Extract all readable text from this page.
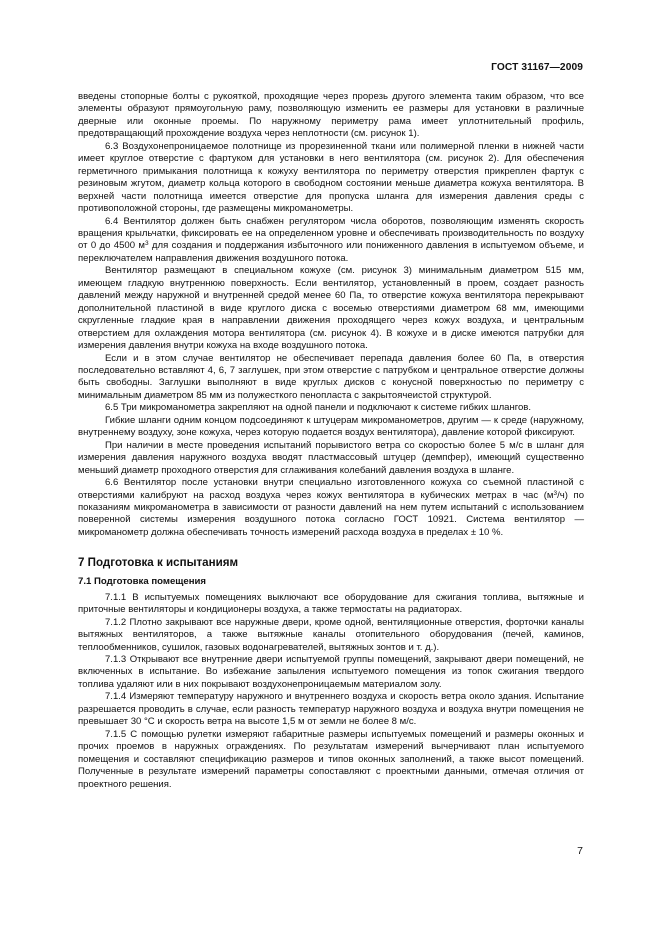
ГОСТ 31167—2009

введены стопорные болты с рукояткой, проходящие через прорезь другого элемента таким образом, что все элементы образуют прямоугольную раму, позволяющую изменить ее размеры для установки в различные дверные или оконные проемы. По наружному периметру рама имеет уплотнительный профиль, предотвращающий прохождение воздуха через неплотности (см. рисунок 1).

6.3 Воздухонепроницаемое полотнище из прорезиненной ткани или полимерной пленки в нижней части имеет круглое отверстие с фартуком для установки в него вентилятора (см. рисунок 2). Для обеспечения герметичного примыкания полотнища к кожуху вентилятора по периметру отверстия прикреплен фартук с резиновым жгутом, диаметр кольца которого в свободном состоянии меньше диаметра кожуха вентилятора. В верхней части полотнища имеется отверстие для пропуска шланга для измерения давления среды с противоположной стороны, где размещены микроманометры.

6.4 Вентилятор должен быть снабжен регулятором числа оборотов, позволяющим изменять скорость вращения крыльчатки, фиксировать ее на определенном уровне и обеспечивать производительность по воздуху от 0 до 4500 $м^3$ для создания и поддержания избыточного или пониженного давления в испытуемом объеме, и переключателем направления движения воздушного потока.

Вентилятор размещают в специальном кожухе (см. рисунок 3) минимальным диаметром 515 мм, имеющем гладкую внутреннюю поверхность. Если вентилятор, установленный в проем, создает разность давлений между наружной и внутренней средой менее 60 Па, то отверстие кожуха вентилятора перекрывают дополнительной пластиной в виде круглого диска с восемью отверстиями диаметром 68 мм, имеющими скругленные гладкие края в направлении движения проходящего через кожух воздуха, и центральным отверстием для охлаждения мотора вентилятора (см. рисунок 4). В кожухе и в диске имеются патрубки для измерения давления внутри кожуха на входе воздушного потока.

Если и в этом случае вентилятор не обеспечивает перепада давления более 60 Па, в отверстия последовательно вставляют 4, 6, 7 заглушек, при этом отверстие с патрубком и центральное отверстие должны быть свободны. Заглушки выполняют в виде круглых дисков с конусной поверхностью по периметру с минимальным диаметром 85 мм из полужесткого пенопласта с закрытоячеистой структурой.

6.5 Три микроманометра закрепляют на одной панели и подключают к системе гибких шлангов.

Гибкие шланги одним концом подсоединяют к штуцерам микроманометров, другим — к среде (наружному, внутреннему воздуху, зоне кожуха, через которую подается воздух вентилятора), давление которой фиксируют.

При наличии в месте проведения испытаний порывистого ветра со скоростью более 5 м/с в шланг для измерения давления наружного воздуха вводят пластмассовый штуцер (демпфер), имеющий существенно меньший диаметр проходного отверстия для сглаживания колебаний давления воздуха в шланге.

6.6 Вентилятор после установки внутри специально изготовленного кожуха со съемной пластиной с отверстиями калибруют на расход воздуха через кожух вентилятора в кубических метрах в час $(м^3/ч)$ по показаниям микроманометра в зависимости от разности давлений на нем путем испытаний с использованием поверенной системы измерения воздушного потока согласно ГОСТ 10921. Система вентилятор — микроманометр должна обеспечивать точность измерений расхода воздуха в пределах ± 10 %.

7 Подготовка к испытаниям
7.1 Подготовка помещения

7.1.1 В испытуемых помещениях выключают все оборудование для сжигания топлива, вытяжные и приточные вентиляторы и кондиционеры воздуха, а также термостаты на радиаторах.

7.1.2 Плотно закрывают все наружные двери, кроме одной, вентиляционные отверстия, форточки каналы вытяжных вентиляторов, а также вытяжные каналы отопительного оборудования (печей, каминов, теплообменников, сушилок, газовых водонагревателей, вытяжных зонтов и т. д.).

7.1.3 Открывают все внутренние двери испытуемой группы помещений, закрывают двери помещений, не включенных в испытание. Во избежание запыления испытуемого помещения из топок сжигания твердого топлива удаляют или в них покрывают воздухонепроницаемым материалом золу.

7.1.4 Измеряют температуру наружного и внутреннего воздуха и скорость ветра около здания. Испытание разрешается проводить в случае, если разность температур наружного воздуха и воздуха внутри помещения не превышает 30 °С и скорость ветра на высоте 1,5 м от земли не более 8 м/с.

7.1.5 С помощью рулетки измеряют габаритные размеры испытуемых помещений и размеры оконных и прочих проемов в наружных ограждениях. По результатам измерений вычерчивают план испытуемого помещения и составляют спецификацию размеров и типов оконных заполнений, а также высот помещений. Полученные в результате измерений параметры сопоставляют с проектными данными, отмечая отличия от проектного решения.

7
